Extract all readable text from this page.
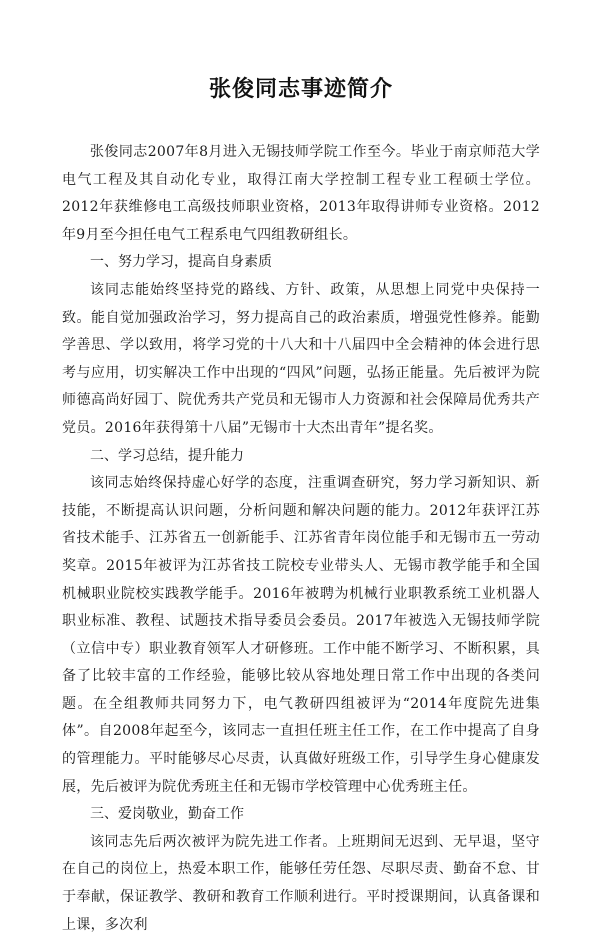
张俊同志事迹简介

张俊同志2007年8月进入无锡技师学院工作至今。毕业于南京师范大学电气工程及其自动化专业，取得江南大学控制工程专业工程硕士学位。2012年获维修电工高级技师职业资格，2013年取得讲师专业资格。2012年9月至今担任电气工程系电气四组教研组长。

一、努力学习，提高自身素质

该同志能始终坚持党的路线、方针、政策，从思想上同党中央保持一致。能自觉加强政治学习，努力提高自己的政治素质，增强党性修养。能勤学善思、学以致用，将学习党的十八大和十八届四中全会精神的体会进行思考与应用，切实解决工作中出现的“四风”问题，弘扬正能量。先后被评为院师德高尚好园丁、院优秀共产党员和无锡市人力资源和社会保障局优秀共产党员。2016年获得第十八届”无锡市十大杰出青年”提名奖。

二、学习总结，提升能力

该同志始终保持虚心好学的态度，注重调查研究，努力学习新知识、新技能，不断提高认识问题，分析问题和解决问题的能力。2012年获评江苏省技术能手、江苏省五一创新能手、江苏省青年岗位能手和无锡市五一劳动奖章。2015年被评为江苏省技工院校专业带头人、无锡市教学能手和全国机械职业院校实践教学能手。2016年被聘为机械行业职教系统工业机器人职业标准、教程、试题技术指导委员会委员。2017年被选入无锡技师学院（立信中专）职业教育领军人才研修班。工作中能不断学习、不断积累，具备了比较丰富的工作经验，能够比较从容地处理日常工作中出现的各类问题。在全组教师共同努力下，电气教研四组被评为“2014年度院先进集体”。自2008年起至今，该同志一直担任班主任工作，在工作中提高了自身的管理能力。平时能够尽心尽责，认真做好班级工作，引导学生身心健康发展，先后被评为院优秀班主任和无锡市学校管理中心优秀班主任。

三、爱岗敬业，勤奋工作

该同志先后两次被评为院先进工作者。上班期间无迟到、无早退，坚守在自己的岗位上，热爱本职工作，能够任劳任怨、尽职尽责、勤奋不怠、甘于奉献，保证教学、教研和教育工作顺利进行。平时授课期间，认真备课和上课，多次利
